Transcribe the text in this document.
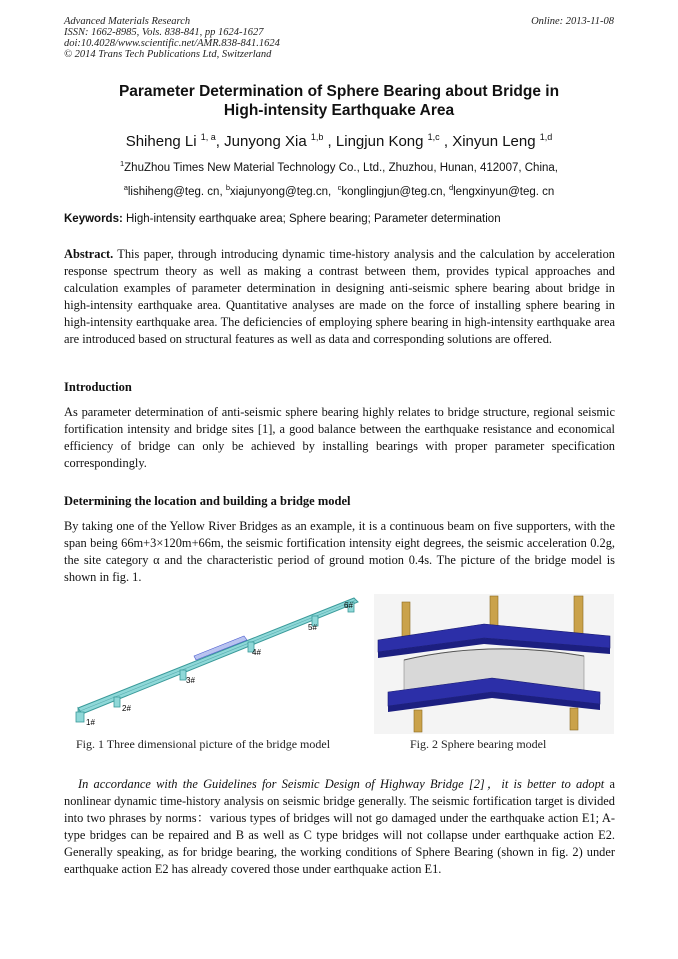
Advanced Materials Research
ISSN: 1662-8985, Vols. 838-841, pp 1624-1627
doi:10.4028/www.scientific.net/AMR.838-841.1624
© 2014 Trans Tech Publications Ltd, Switzerland
Online: 2013-11-08
Parameter Determination of Sphere Bearing about Bridge in
High-intensity Earthquake Area
Shiheng Li $^{1, a}$, Junyong Xia $^{1,b}$ , Lingjun Kong $^{1,c}$ , Xinyun Leng $^{1,d}$
$^1$ZhuZhou Times New Material Technology Co., Ltd., Zhuzhou, Hunan, 412007, China,
$^a$lishiheng@teg. cn, $^b$xiajunyong@teg.cn, $^c$konglingjun@teg.cn, $^d$lengxinyun@teg. cn
Keywords: High-intensity earthquake area; Sphere bearing; Parameter determination

Abstract. This paper, through introducing dynamic time-history analysis and the calculation by acceleration response spectrum theory as well as making a contrast between them, provides typical approaches and calculation examples of parameter determination in designing anti-seismic sphere bearing about bridge in high-intensity earthquake area. Quantitative analyses are made on the force of installing sphere bearing in high-intensity earthquake area. The deficiencies of employing sphere bearing in high-intensity earthquake area are introduced based on structural features as well as data and corresponding solutions are offered.

Introduction

As parameter determination of anti-seismic sphere bearing highly relates to bridge structure, regional seismic fortification intensity and bridge sites [1], a good balance between the earthquake resistance and economical efficiency of bridge can only be achieved by installing bearings with proper parameter specification correspondingly.

Determining the location and building a bridge model

By taking one of the Yellow River Bridges as an example, it is a continuous beam on five supporters, with the span being 66m+3×120m+66m, the seismic fortification intensity eight degrees, the seismic acceleration 0.2g, the site category α and the characteristic period of ground motion 0.4s. The picture of the bridge model is shown in fig. 1.

1#
2#
3#
4#
5#
6#
Fig. 1 Three dimensional picture of the bridge model	Fig. 2 Sphere bearing model

In accordance with the Guidelines for Seismic Design of Highway Bridge [2]，it is better to adopt a nonlinear dynamic time-history analysis on seismic bridge generally. The seismic fortification target is divided into two phrases by norms：various types of bridges will not go damaged under the earthquake action E1; A-type bridges can be repaired and B as well as C type bridges will not collapse under earthquake action E2. Generally speaking, as for bridge bearing, the working conditions of Sphere Bearing (shown in fig. 2) under earthquake action E2 has already covered those under earthquake action E1.
